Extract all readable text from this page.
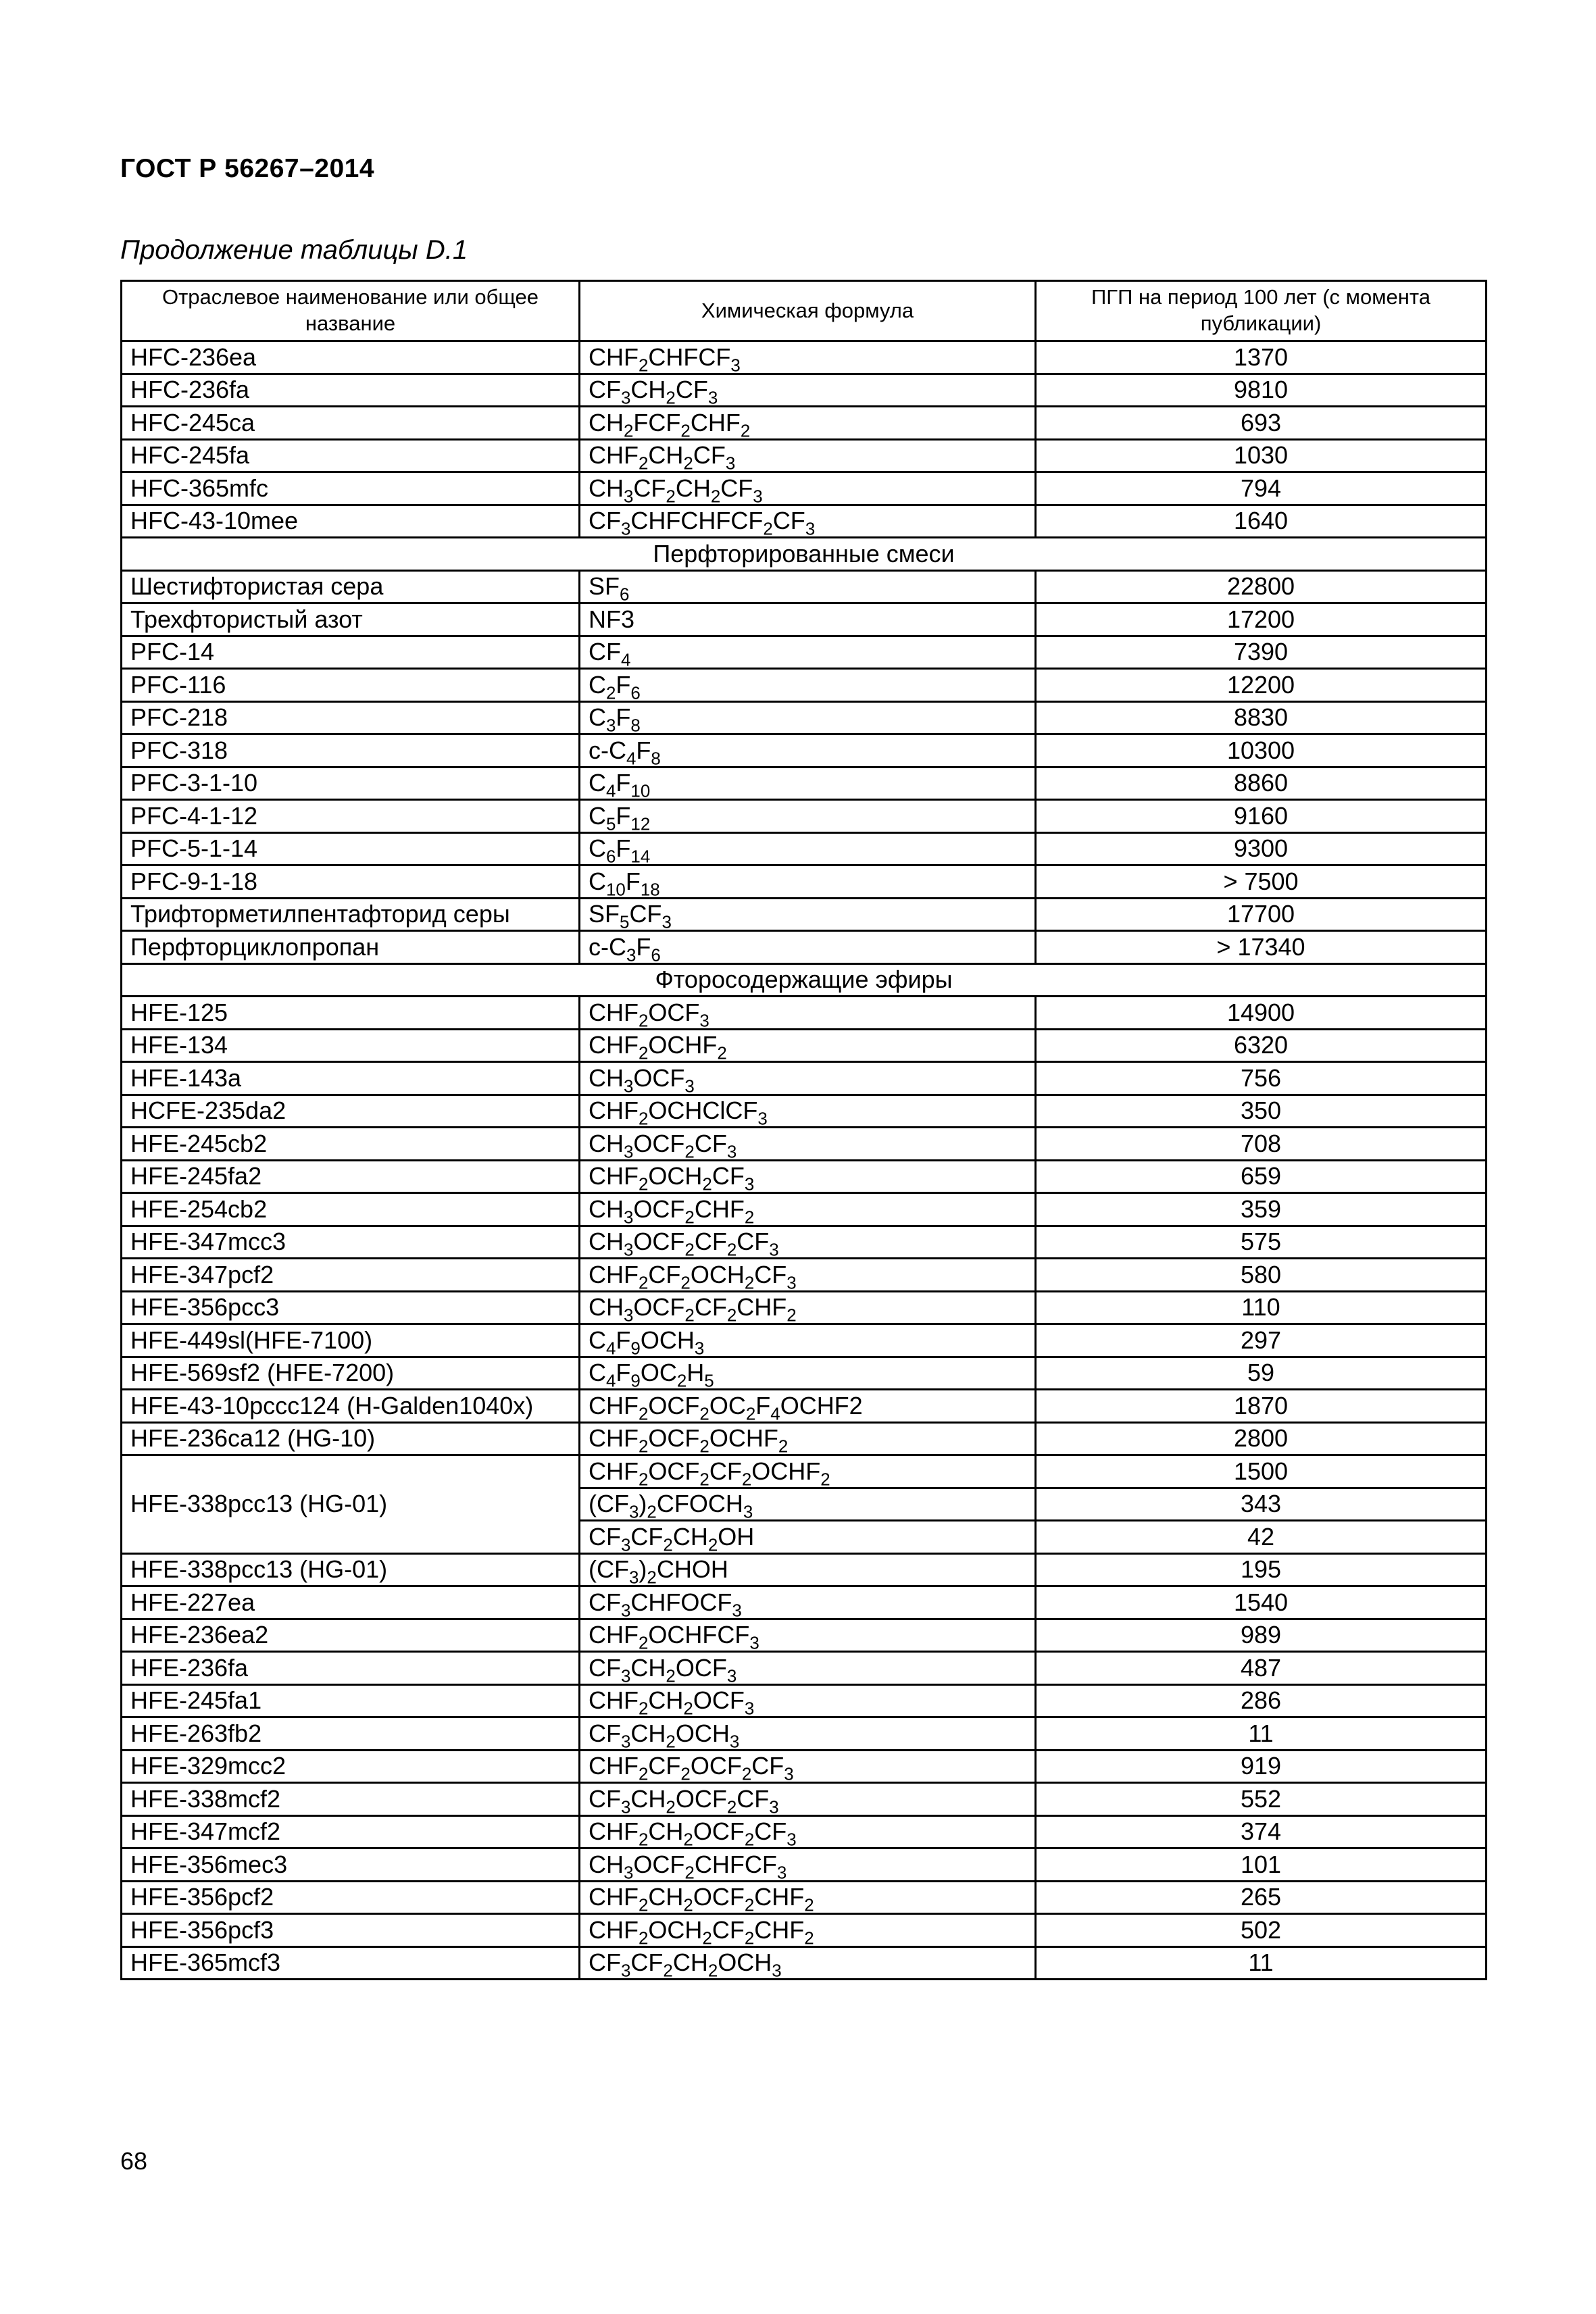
ГОСТ Р 56267–2014
Продолжение таблицы D.1
Отраслевое наименование или общее название	Химическая формула	ПГП на период 100 лет (с момента публикации)
HFC-236ea	$CHF_2CHFCF_3$	1370
HFC-236fa	$CF_3CH_2CF_3$	9810
HFC-245ca	$CH_2FCF_2CHF_2$	693
HFC-245fa	$CHF_2CH_2CF_3$	1030
HFC-365mfc	$CH_3CF_2CH_2CF_3$	794
HFC-43-10mee	$CF_3CHFCHFCF_2CF_3$	1640
Перфторированные смеси		
Шестифтористая сера	$SF_6$	22800
Трехфтористый азот	NF3	17200
PFC-14	$CF_4$	7390
PFC-116	$C_2F_6$	12200
PFC-218	$C_3F_8$	8830
PFC-318	$c-C_4F_8$	10300
PFC-3-1-10	$C_4F_{10}$	8860
PFC-4-1-12	$C_5F_{12}$	9160
PFC-5-1-14	$C_6F_{14}$	9300
PFC-9-1-18	$C_{10}F_{18}$	> 7500
Трифторметилпентафторид серы	$SF_5CF_3$	17700
Перфторциклопропан	$c-C_3F_6$	> 17340
Фторосодержащие эфиры		
HFE-125	$CHF_2OCF_3$	14900
HFE-134	$CHF_2OCHF_2$	6320
HFE-143a	$CH_3OCF_3$	756
HCFE-235da2	$CHF_2OCHClCF_3$	350
HFE-245cb2	$CH_3OCF_2CF_3$	708
HFE-245fa2	$CHF_2OCH_2CF_3$	659
HFE-254cb2	$CH_3OCF_2CHF_2$	359
HFE-347mcc3	$CH_3OCF_2CF_2CF_3$	575
HFE-347pcf2	$CHF_2CF_2OCH_2CF_3$	580
HFE-356pcc3	$CH_3OCF_2CF_2CHF_2$	110
HFE-449sl(HFE-7100)	$C_4F_9OCH_3$	297
HFE-569sf2 (HFE-7200)	$C_4F_9OC_2H_5$	59
HFE-43-10pccc124 (H-Galden1040x)	$CHF_2OCF_2OC_2F_4OCHF2$	1870
HFE-236ca12 (HG-10)	$CHF_2OCF_2OCHF_2$	2800
HFE-338pcc13 (HG-01)	$CHF_2OCF_2CF_2OCHF_2$	1500
	$(CF_3)_2CFOCH_3$	343
	$CF_3CF_2CH_2OH$	42
HFE-338pcc13 (HG-01)	$(CF_3)_2CHOH$	195
HFE-227ea	$CF_3CHFOCF_3$	1540
HFE-236ea2	$CHF_2OCHFCF_3$	989
HFE-236fa	$CF_3CH_2OCF_3$	487
HFE-245fa1	$CHF_2CH_2OCF_3$	286
HFE-263fb2	$CF_3CH_2OCH_3$	11
HFE-329mcc2	$CHF_2CF_2OCF_2CF_3$	919
HFE-338mcf2	$CF_3CH_2OCF_2CF_3$	552
HFE-347mcf2	$CHF_2CH_2OCF_2CF_3$	374
HFE-356mec3	$CH_3OCF_2CHFCF_3$	101
HFE-356pcf2	$CHF_2CH_2OCF_2CHF_2$	265
HFE-356pcf3	$CHF_2OCH_2CF_2CHF_2$	502
HFE-365mcf3	$CF_3CF_2CH_2OCH_3$	11
68
